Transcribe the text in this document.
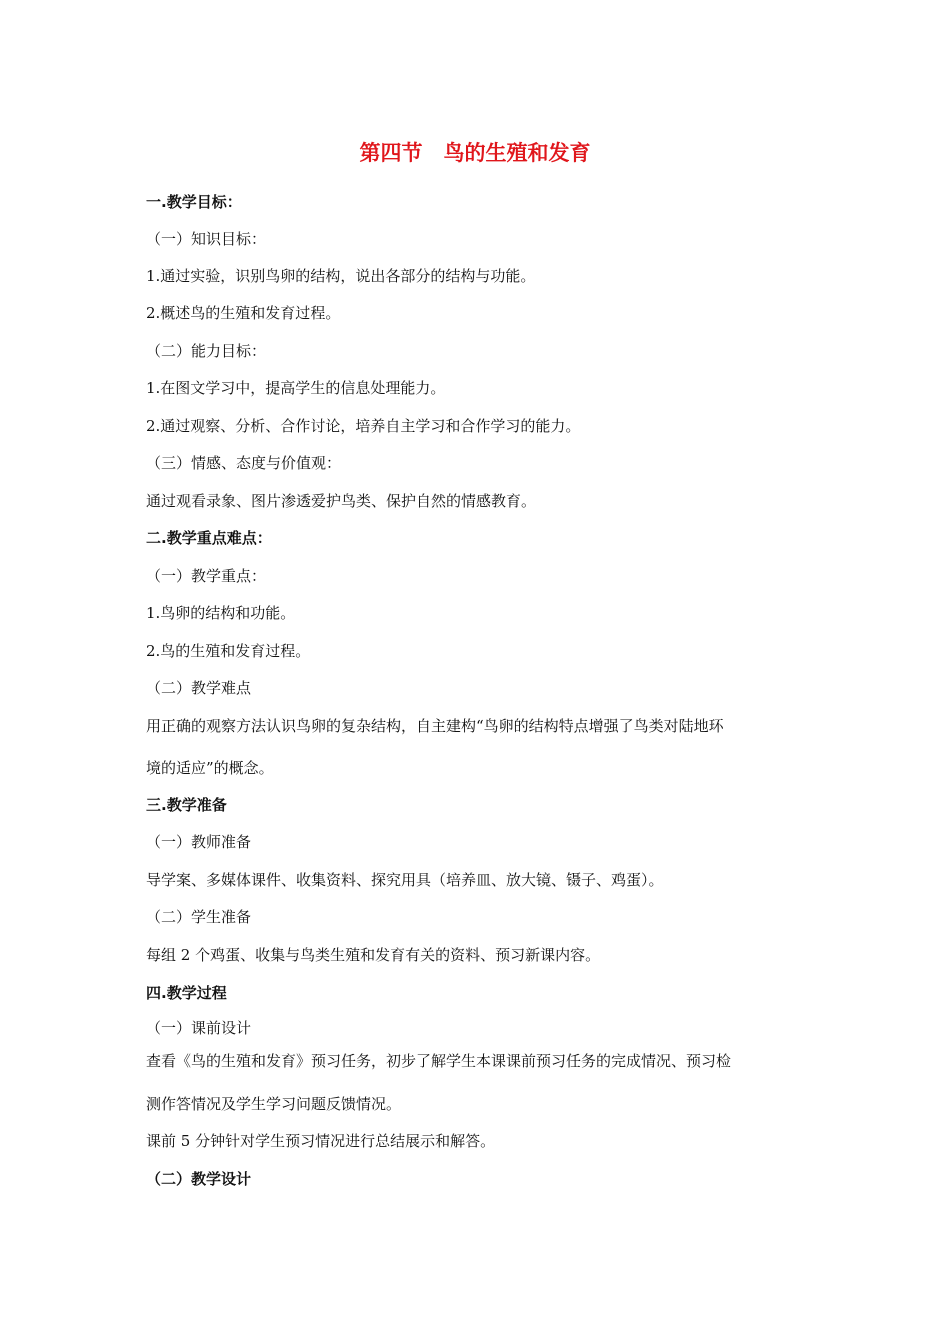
第四节　鸟的生殖和发育
一.教学目标：
（一）知识目标：
1.通过实验，识别鸟卵的结构，说出各部分的结构与功能。
2.概述鸟的生殖和发育过程。
（二）能力目标：
1.在图文学习中，提高学生的信息处理能力。
2.通过观察、分析、合作讨论，培养自主学习和合作学习的能力。
（三）情感、态度与价值观：
通过观看录象、图片渗透爱护鸟类、保护自然的情感教育。
二.教学重点难点：
（一）教学重点：
1.鸟卵的结构和功能。
2.鸟的生殖和发育过程。
（二）教学难点
用正确的观察方法认识鸟卵的复杂结构，自主建构“鸟卵的结构特点增强了鸟类对陆地环
境的适应”的概念。
三.教学准备
（一）教师准备
导学案、多媒体课件、收集资料、探究用具（培养皿、放大镜、镊子、鸡蛋）。
（二）学生准备
每组 2 个鸡蛋、收集与鸟类生殖和发育有关的资料、预习新课内容。
四.教学过程
（一）课前设计
查看《鸟的生殖和发育》预习任务，初步了解学生本课课前预习任务的完成情况、预习检
测作答情况及学生学习问题反馈情况。
课前 5 分钟针对学生预习情况进行总结展示和解答。
（二）教学设计
